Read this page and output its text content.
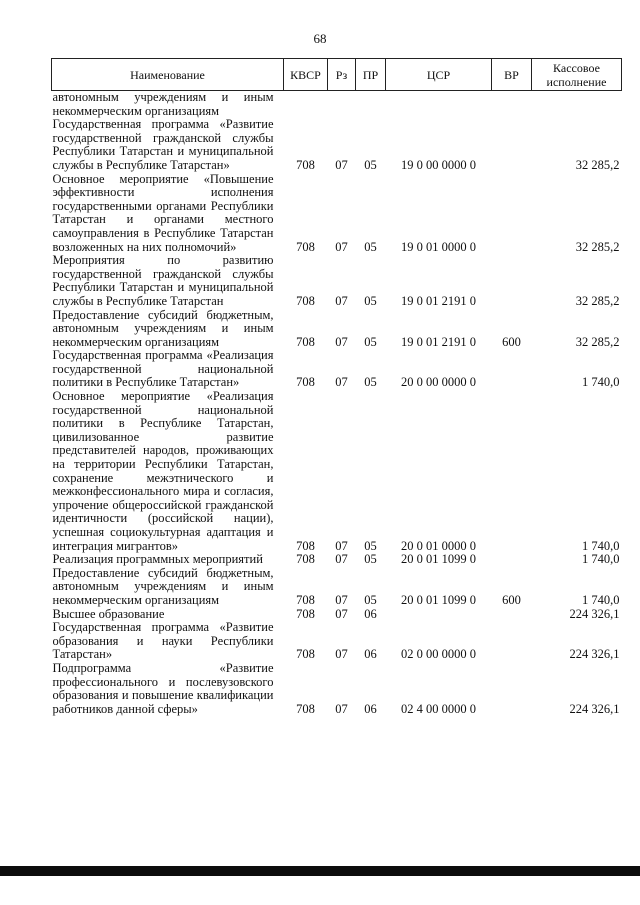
68
Наименование	КВСР	Рз	ПР	ЦСР	ВР	Кассовое
исполнение
автономным учреждениям и иным некоммерческим организациям						
Государственная программа «Развитие государственной гражданской службы Республики Татарстан и муниципальной службы в Республике Татарстан»	708	07	05	19 0 00 0000 0		32 285,2
Основное мероприятие «Повышение эффективности исполнения государственными органами Республики Татарстан и органами местного самоуправления в Республике Татарстан возложенных на них полномочий»	708	07	05	19 0 01 0000 0		32 285,2
Мероприятия по развитию государственной гражданской службы Республики Татарстан и муниципальной службы в Республике Татарстан	708	07	05	19 0 01 2191 0		32 285,2
Предоставление субсидий бюджетным, автономным учреждениям и иным некоммерческим организациям	708	07	05	19 0 01 2191 0	600	32 285,2
Государственная программа «Реализация государственной национальной политики в Республике Татарстан»	708	07	05	20 0 00 0000 0		1 740,0
Основное мероприятие «Реализация государственной национальной политики в Республике Татарстан, цивилизованное развитие представителей народов, проживающих на территории Республики Татарстан, сохранение межэтнического и межконфессионального мира и согласия, упрочение общероссийской гражданской идентичности (российской нации), успешная социокультурная адаптация и интеграция мигрантов»	708	07	05	20 0 01 0000 0		1 740,0
Реализация программных мероприятий	708	07	05	20 0 01 1099 0		1 740,0
Предоставление субсидий бюджетным, автономным учреждениям и иным некоммерческим организациям	708	07	05	20 0 01 1099 0	600	1 740,0
Высшее образование	708	07	06			224 326,1
Государственная программа «Развитие образования и науки Республики Татарстан»	708	07	06	02 0 00 0000 0		224 326,1
Подпрограмма «Развитие профессионального и послевузовского образования и повышение квалификации работников данной сферы»	708	07	06	02 4 00 0000 0		224 326,1
